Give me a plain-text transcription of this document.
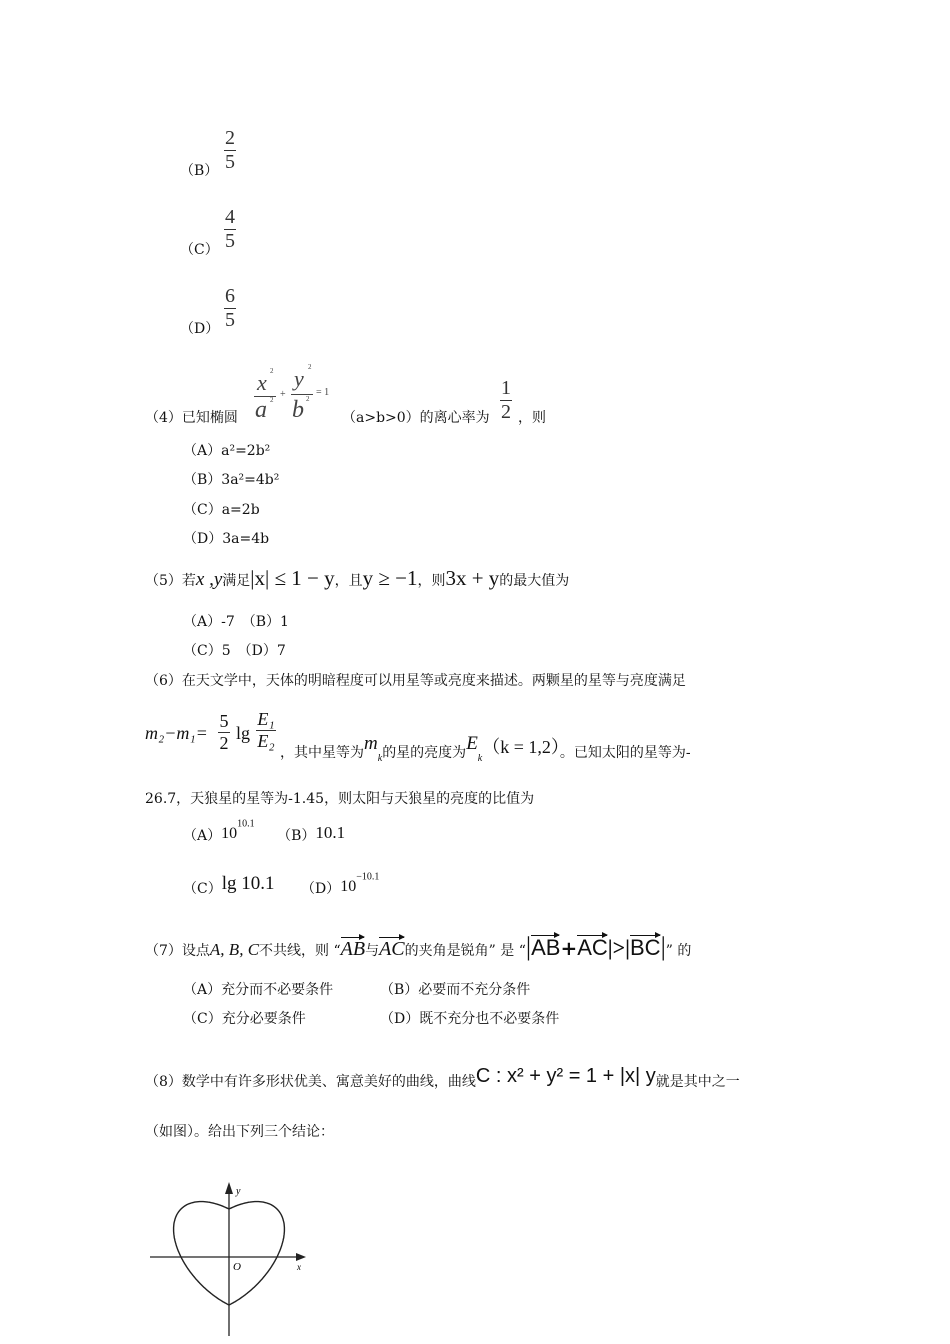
（B）
2
5
（C）
4
5
（D）
6
5
（4）已知椭圆
x 2
a 2 +
y 2
b 2
= 1
（a>b>0）的离心率为
1
2 ，则
（A）a²=2b²
（B）3a²=4b²
（C）a=2b
（D）3a=4b
（5）若x ,y满足|x| ≤ 1 − y，且y ≥ −1，则3x + y的最大值为
（A）-7　（B）1
（C）5　（D）7
（6）在天文学中，天体的明暗程度可以用星等或亮度来描述。两颗星的星等与亮度满足
m₂−m₁=
5
2 lg
E₁
E₂
，其中星等为$m_k$的星的亮度为$E_k(k = 1,2)$。已知太阳的星等为-
26.7，天狼星的星等为-1.45，则太阳与天狼星的亮度的比值为
$(A)10^{10.1}$ （B）10.1
（C）lg 10.1 $(D)10^{-10.1}$
（7）设点A, B, C不共线，则 “AB与AC的夹角是锐角” 是 “|AB+AC|>|BC|” 的
（A）充分而不必要条件	（B）必要而不充分条件
（C）充分必要条件	（D）既不充分也不必要条件
（8）数学中有许多形状优美、寓意美好的曲线，曲线C : x² + y² = 1 + |x| y就是其中之一
（如图）。给出下列三个结论：
y
O	x
